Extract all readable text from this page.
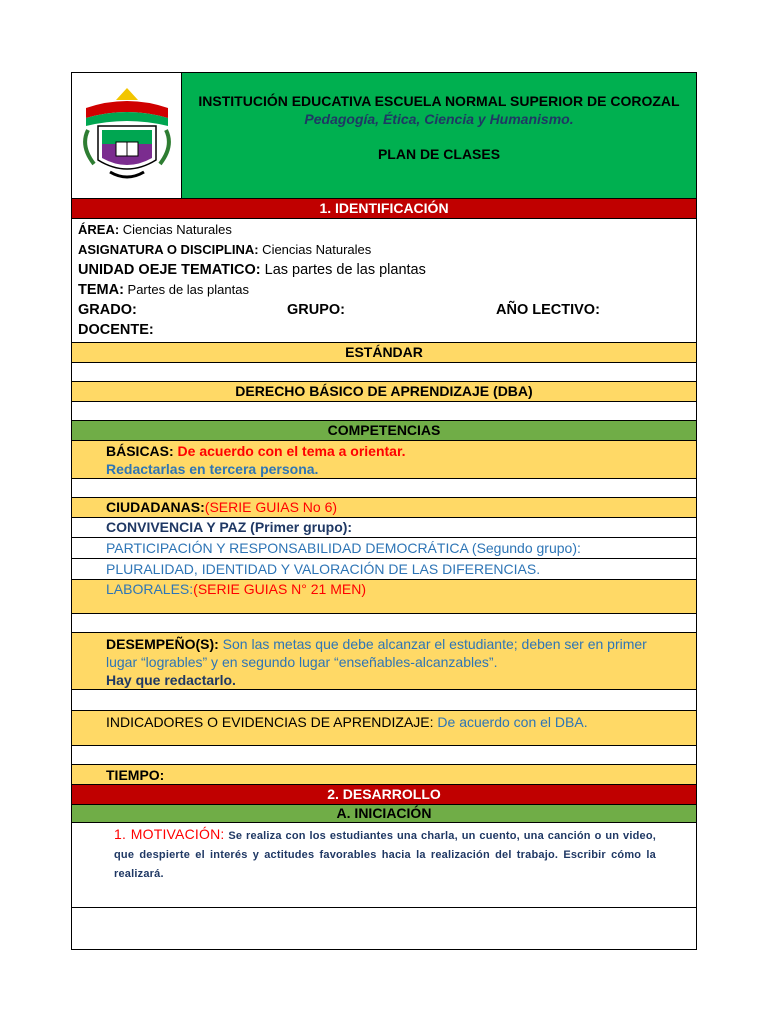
INSTITUCIÓN EDUCATIVA ESCUELA NORMAL SUPERIOR DE COROZAL
Pedagogía, Ética, Ciencia y Humanismo.
PLAN DE CLASES
1. IDENTIFICACIÓN
ÁREA: Ciencias Naturales
ASIGNATURA O DISCIPLINA: Ciencias Naturales
UNIDAD OEJE TEMATICO: Las partes de las plantas
TEMA: Partes de las plantas
GRADO:	GRUPO:	AÑO LECTIVO:
DOCENTE:
ESTÁNDAR
DERECHO BÁSICO DE APRENDIZAJE (DBA)
COMPETENCIAS
BÁSICAS: De acuerdo con el tema a orientar.
Redactarlas en tercera persona.
CIUDADANAS:(SERIE GUIAS No 6)
CONVIVENCIA Y PAZ (Primer grupo):
PARTICIPACIÓN Y RESPONSABILIDAD DEMOCRÁTICA (Segundo grupo):
PLURALIDAD, IDENTIDAD Y VALORACIÓN DE LAS DIFERENCIAS.
LABORALES:(SERIE GUIAS N° 21 MEN)
DESEMPEÑO(S): Son las metas que debe alcanzar el estudiante; deben ser en primer lugar “logrables” y en segundo lugar “enseñables-alcanzables”.
Hay que redactarlo.
INDICADORES O EVIDENCIAS DE APRENDIZAJE: De acuerdo con el DBA.
TIEMPO:
2. DESARROLLO
A. INICIACIÓN
1. MOTIVACIÓN: Se realiza con los estudiantes una charla, un cuento, una canción o un video, que despierte el interés y actitudes favorables hacia la realización del trabajo. Escribir cómo la realizará.
